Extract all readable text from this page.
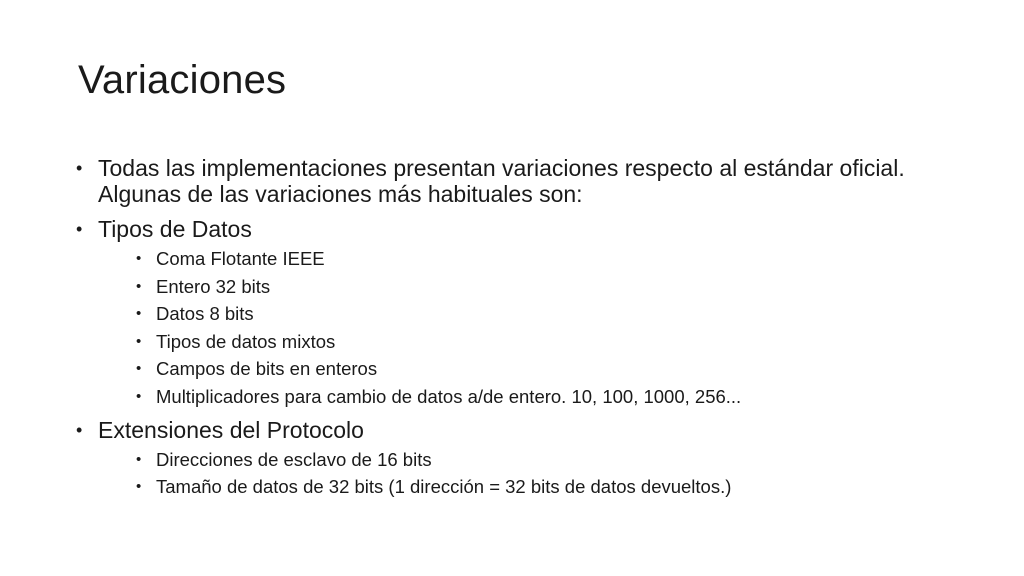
Variaciones
• Todas las implementaciones presentan variaciones respecto al estándar oficial. Algunas de las variaciones más habituales son:
• Tipos de Datos
• Coma Flotante IEEE
• Entero 32 bits
• Datos 8 bits
• Tipos de datos mixtos
• Campos de bits en enteros
• Multiplicadores para cambio de datos a/de entero. 10, 100, 1000, 256...
• Extensiones del Protocolo
• Direcciones de esclavo de 16 bits
• Tamaño de datos de 32 bits (1 dirección = 32 bits de datos devueltos.)
